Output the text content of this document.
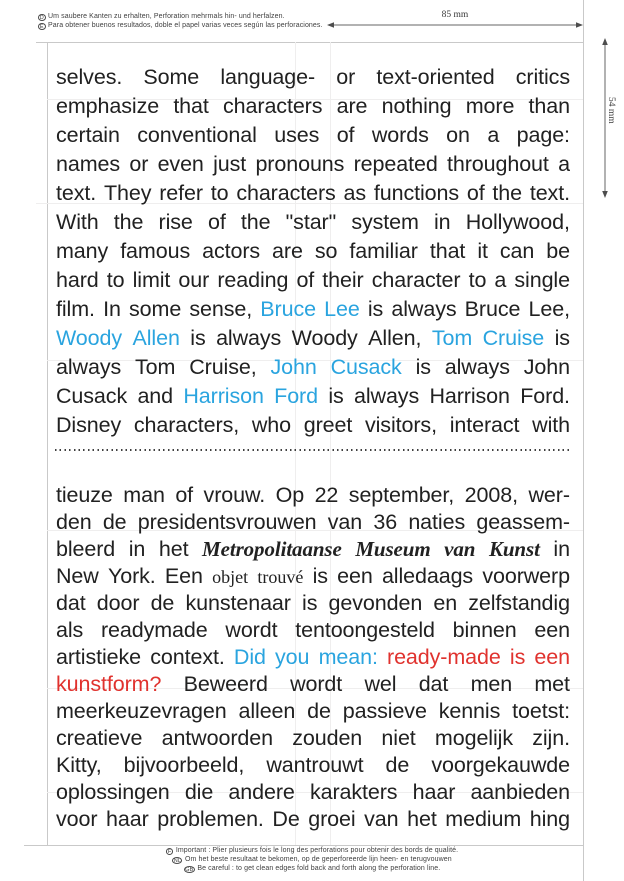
D Um saubere Kanten zu erhalten, Perforation mehrmals hin- und herfalzen.
E Para obtener buenos resultados, doble el papel varias veces según las perforaciones.
85 mm
54 mm
selves. Some language- or text-oriented critics
emphasize that characters are nothing more than
certain conventional uses of words on a page:
names or even just pronouns repeated throughout a
text. They refer to characters as functions of the text.
With the rise of the "star" system in Hollywood,
many famous actors are so familiar that it can be
hard to limit our reading of their character to a single
film. In some sense, Bruce Lee is always Bruce Lee,
Woody Allen is always Woody Allen, Tom Cruise is
always Tom Cruise, John Cusack is always John
Cusack and Harrison Ford is always Harrison Ford.
Disney characters, who greet visitors, interact with
tieuze man of vrouw. Op 22 september, 2008, wer-
den de presidentsvrouwen van 36 naties geassem-
bleerd in het Metropolitaanse Museum van Kunst in
New York. Een objet trouvé is een alledaags voorwerp
dat door de kunstenaar is gevonden en zelfstandig
als readymade wordt tentoongesteld binnen een
artistieke context. Did you mean: ready-made is een
kunstform? Beweerd wordt wel dat men met
meerkeuzevragen alleen de passieve kennis toetst:
creatieve antwoorden zouden niet mogelijk zijn.
Kitty, bijvoorbeeld, wantrouwt de voorgekauwde
oplossingen die andere karakters haar aanbieden
voor haar problemen. De groei van het medium hing
F Important : Plier plusieurs fois le long des perforations pour obtenir des bords de qualité.
NL Om het beste resultaat te bekomen, op de geperforeerde lijn heen- en terugvouwen
GB Be careful : to get clean edges fold back and forth along the perforation line.
